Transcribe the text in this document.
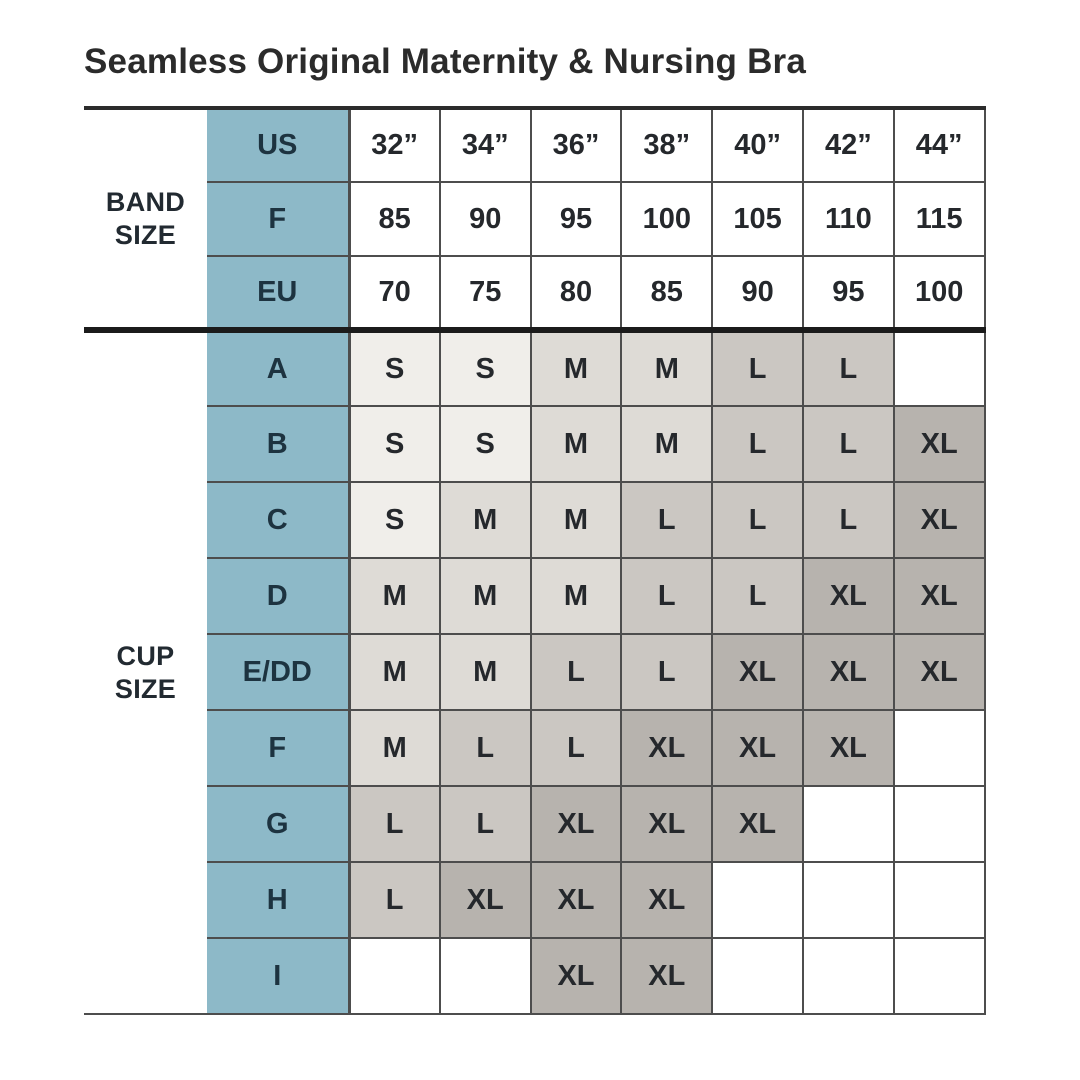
Seamless Original Maternity & Nursing Bra
BAND
SIZE	US	32”	34”	36”	38”	40”	42”	44”
	F	85	90	95	100	105	110	115
	EU	70	75	80	85	90	95	100

CUP
SIZE	A	S	S	M	M	L	L	
	B	S	S	M	M	L	L	XL
	C	S	M	M	L	L	L	XL
	D	M	M	M	L	L	XL	XL
	E/DD	M	M	L	L	XL	XL	XL
	F	M	L	L	XL	XL	XL	
	G	L	L	XL	XL	XL		
	H	L	XL	XL	XL			
	I			XL	XL			
